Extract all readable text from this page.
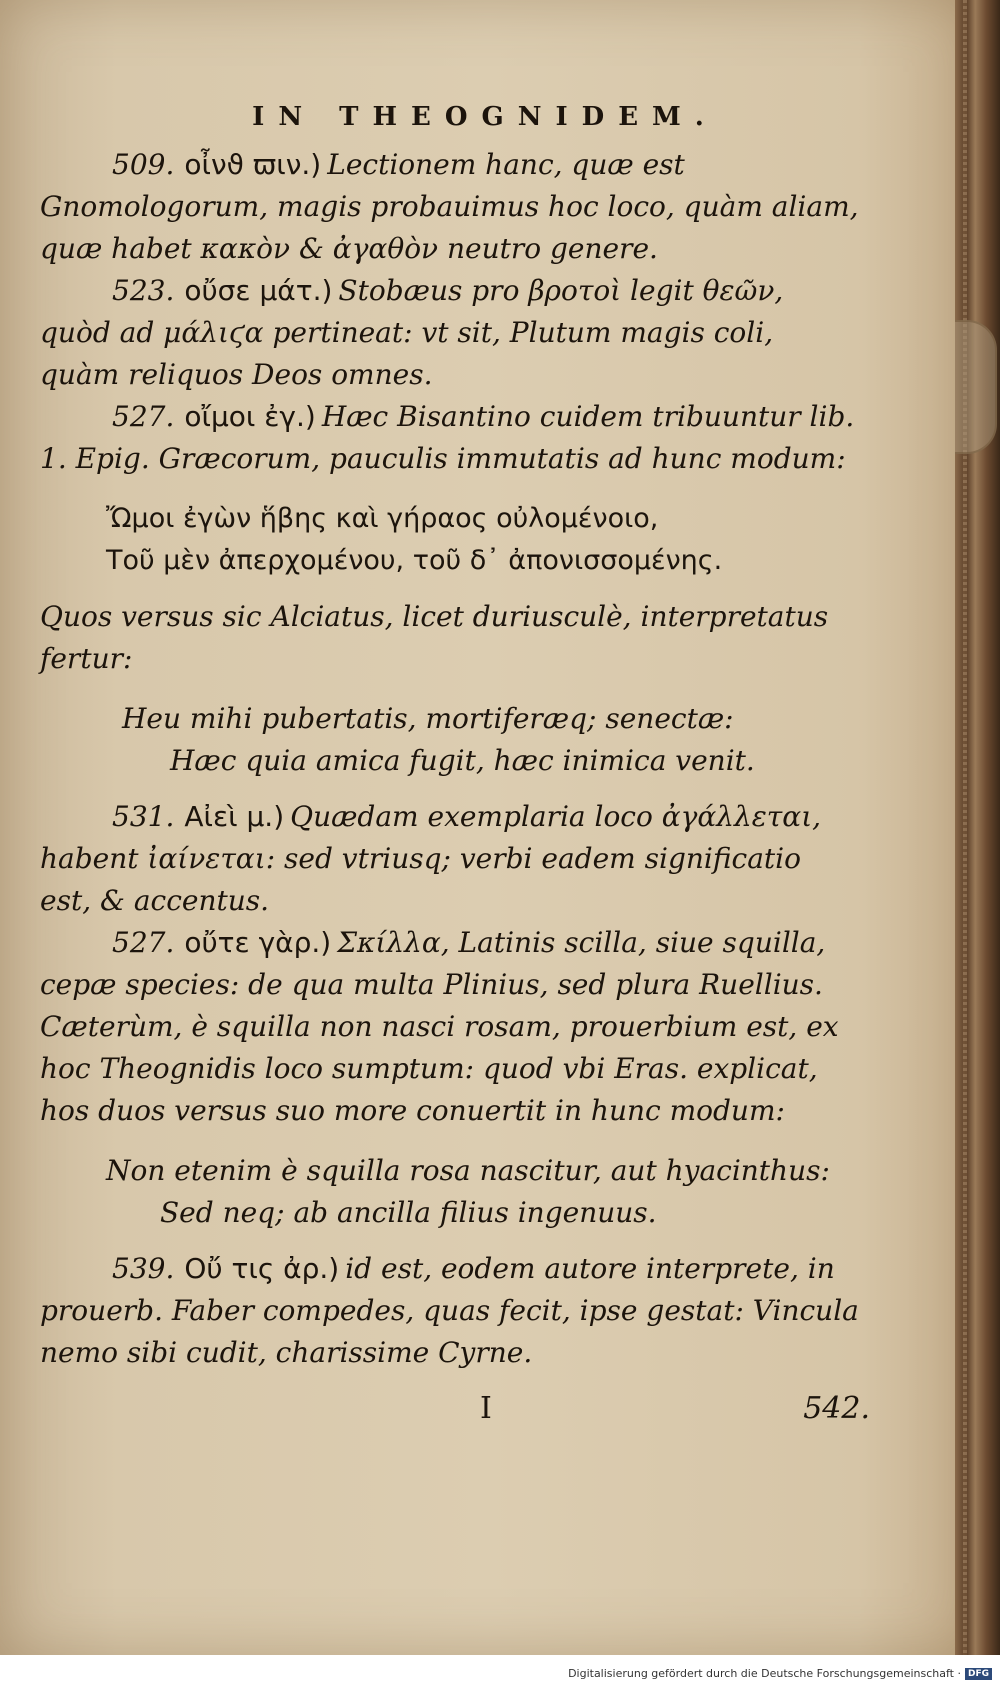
IN THEOGNIDEM.

509. οἶνϑ ϖιν.) Lectionem hanc, quæ est Gnomologorum, magis probauimus hoc loco, quàm aliam, quæ habet κακὸν & ἀγαθὸν neutro genere.

523. οὔσε μάτ.) Stobæus pro βροτοὶ legit θεῶν, quòd ad μάλιϛα pertineat: vt sit, Plutum magis coli, quàm reliquos Deos omnes.

527. οἴμοι ἐγ.) Hæc Bisantino cuidem tribuuntur lib. 1. Epig. Græcorum, pauculis immutatis ad hunc modum:

Ὤμοι ἐγὼν ἥβης καὶ γήραος οὐλομένοιο,

Τοῦ μὲν ἀπερχομένου, τοῦ δ᾽ ἀπονισσομένης.

Quos versus sic Alciatus, licet duriusculè, interpretatus fertur:

Heu mihi pubertatis, mortiferæq; senectæ:

Hæc quia amica fugit, hæc inimica venit.

531. Αἰεὶ μ.) Quædam exemplaria loco ἀγάλλεται, habent ἰαίνεται: sed vtriusq; verbi eadem significatio est, & accentus.

527. οὔτε γὰρ.) Σκίλλα, Latinis scilla, siue squilla, cepæ species: de qua multa Plinius, sed plura Ruellius. Cæterùm, è squilla non nasci rosam, prouerbium est, ex hoc Theognidis loco sumptum: quod vbi Eras. explicat, hos duos versus suo more conuertit in hunc modum:

Non etenim è squilla rosa nascitur, aut hyacinthus:

Sed neq; ab ancilla filius ingenuus.

539. Οὔ τις ἀρ.) id est, eodem autore interprete, in prouerb. Faber compedes, quas fecit, ipse gestat: Vincula nemo sibi cudit, charissime Cyrne.

I	542.
Digitalisierung gefördert durch die Deutsche Forschungsgemeinschaft · DFG
